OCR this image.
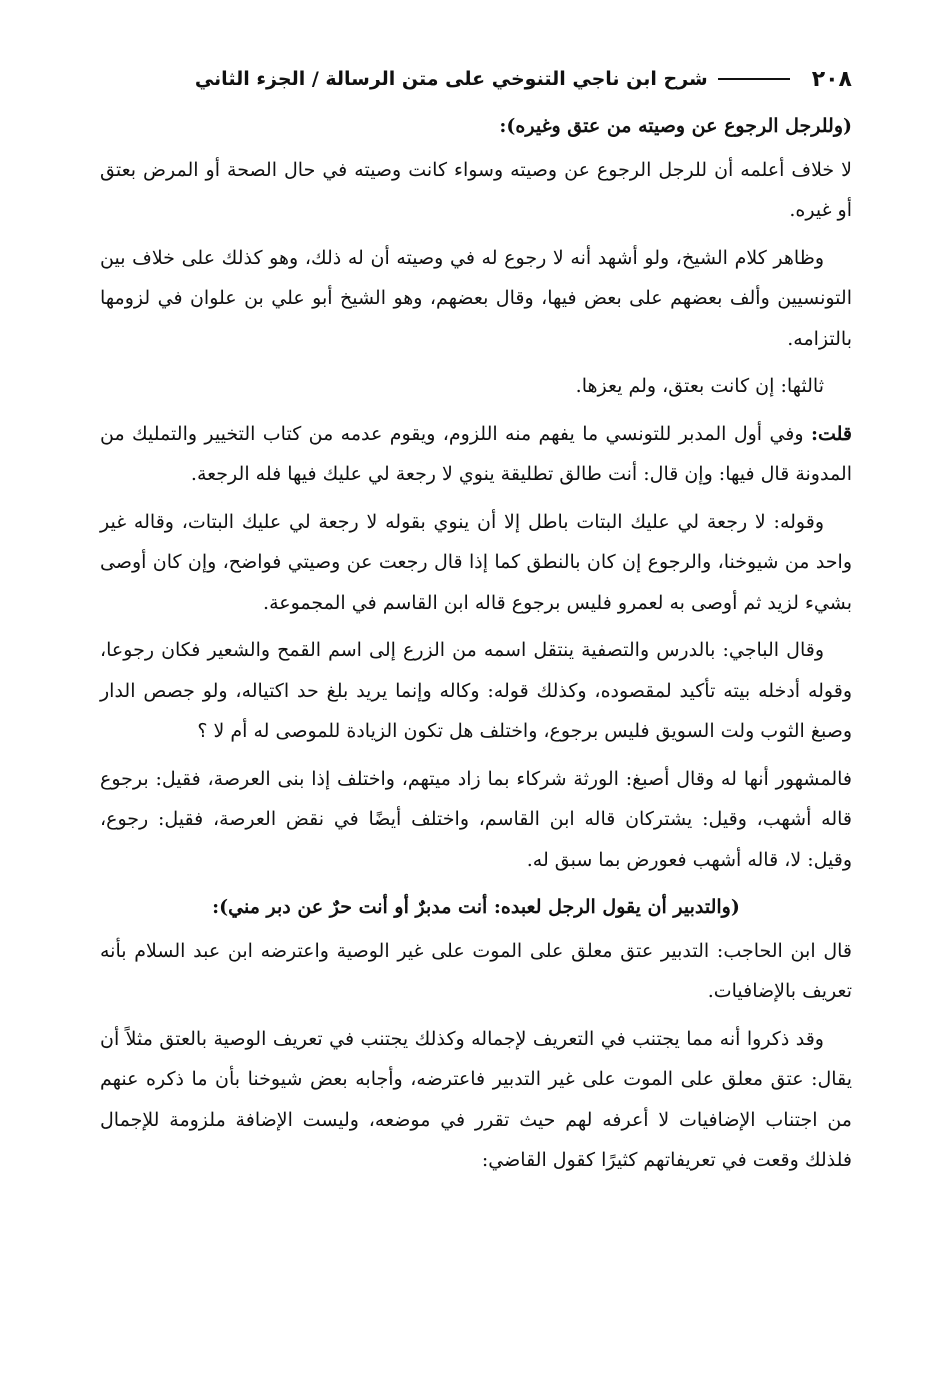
٢٠٨
شرح ابن ناجي التنوخي على متن الرسالة / الجزء الثاني

(وللرجل الرجوع عن وصيته من عتق وغيره):

لا خلاف أعلمه أن للرجل الرجوع عن وصيته وسواء كانت وصيته في حال الصحة أو المرض بعتق أو غيره.

وظاهر كلام الشيخ، ولو أشهد أنه لا رجوع له في وصيته أن له ذلك، وهو كذلك على خلاف بين التونسيين وألف بعضهم على بعض فيها، وقال بعضهم، وهو الشيخ أبو علي بن علوان في لزومها بالتزامه.

ثالثها: إن كانت بعتق، ولم يعزها.

قلت: وفي أول المدبر للتونسي ما يفهم منه اللزوم، ويقوم عدمه من كتاب التخيير والتمليك من المدونة قال فيها: وإن قال: أنت طالق تطليقة ينوي لا رجعة لي عليك فيها فله الرجعة.

وقوله: لا رجعة لي عليك البتات باطل إلا أن ينوي بقوله لا رجعة لي عليك البتات، وقاله غير واحد من شيوخنا، والرجوع إن كان بالنطق كما إذا قال رجعت عن وصيتي فواضح، وإن كان أوصى بشيء لزيد ثم أوصى به لعمرو فليس برجوع قاله ابن القاسم في المجموعة.

وقال الباجي: بالدرس والتصفية ينتقل اسمه من الزرع إلى اسم القمح والشعير فكان رجوعا، وقوله أدخله بيته تأكيد لمقصوده، وكذلك قوله: وكاله وإنما يريد بلغ حد اكتياله، ولو جصص الدار وصبغ الثوب ولت السويق فليس برجوع، واختلف هل تكون الزيادة للموصى له أم لا ؟

فالمشهور أنها له وقال أصبغ: الورثة شركاء بما زاد ميتهم، واختلف إذا بنى العرصة، فقيل: برجوع قاله أشهب، وقيل: يشتركان قاله ابن القاسم، واختلف أيضًا في نقض العرصة، فقيل: رجوع، وقيل: لا، قاله أشهب فعورض بما سبق له.

(والتدبير أن يقول الرجل لعبده: أنت مدبرٌ أو أنت حرٌ عن دبر مني):

قال ابن الحاجب: التدبير عتق معلق على الموت على غير الوصية واعترضه ابن عبد السلام بأنه تعريف بالإضافيات.

وقد ذكروا أنه مما يجتنب في التعريف لإجماله وكذلك يجتنب في تعريف الوصية بالعتق مثلاً أن يقال: عتق معلق على الموت على غير التدبير فاعترضه، وأجابه بعض شيوخنا بأن ما ذكره عنهم من اجتناب الإضافيات لا أعرفه لهم حيث تقرر في موضعه، وليست الإضافة ملزومة للإجمال فلذلك وقعت في تعريفاتهم كثيرًا كقول القاضي:
